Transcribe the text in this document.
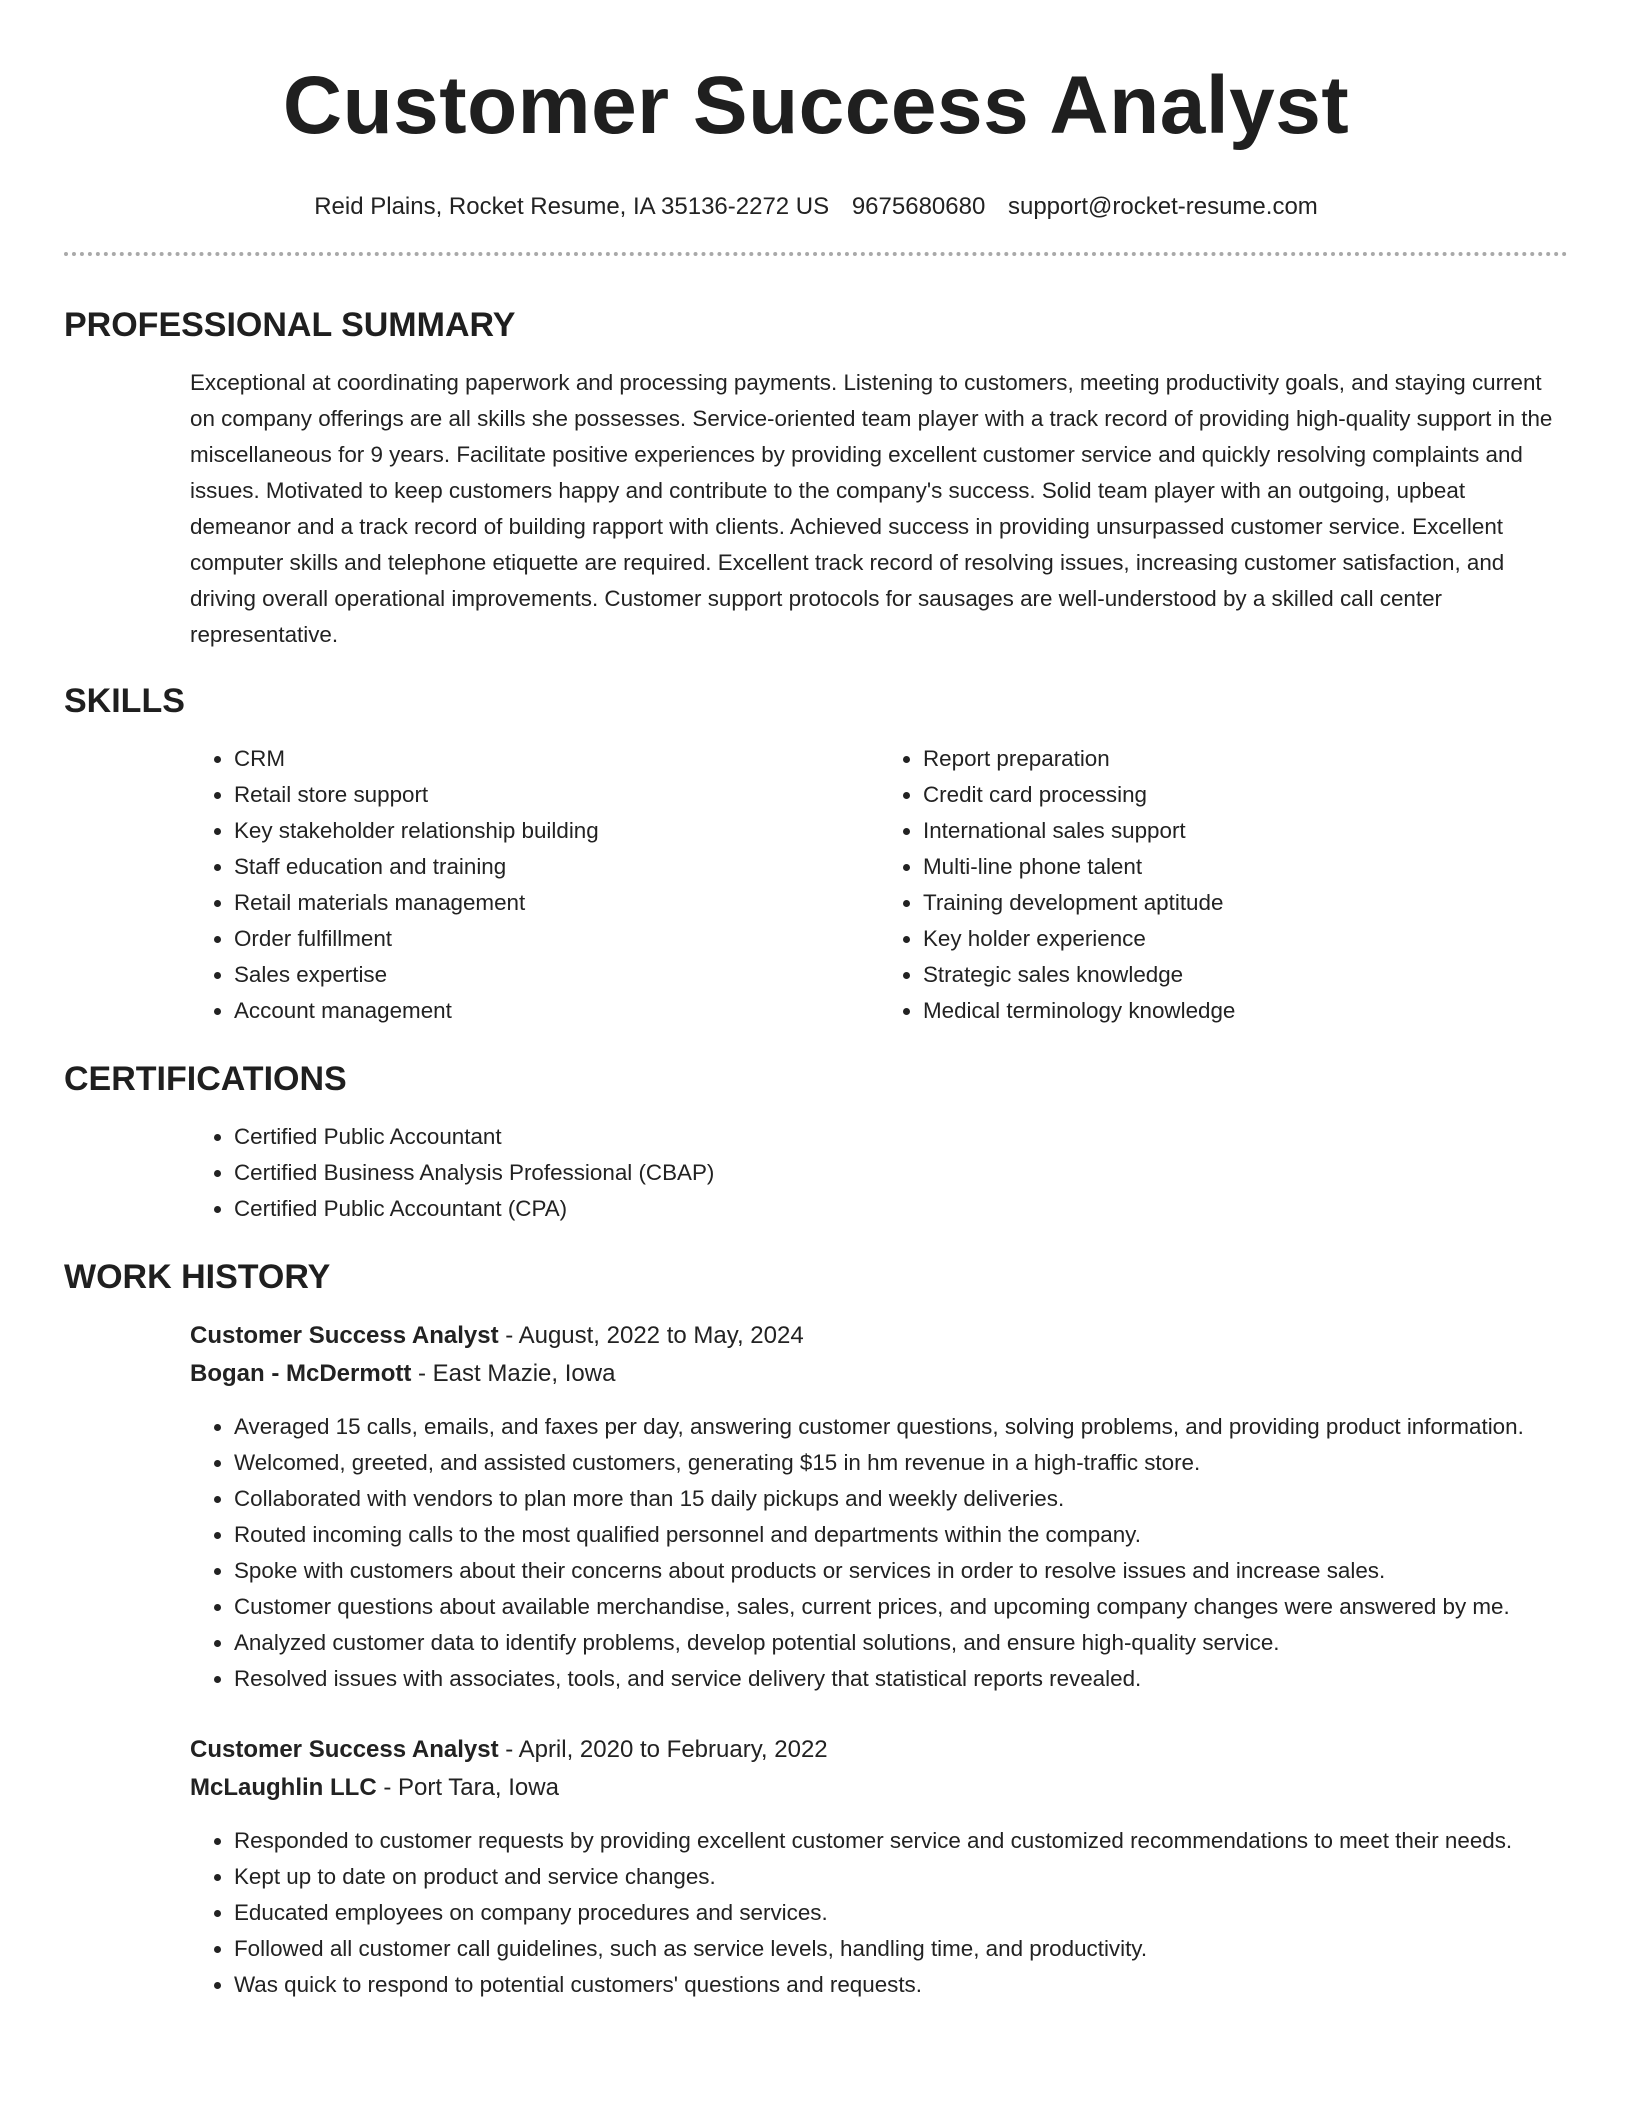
Customer Success Analyst
Reid Plains, Rocket Resume, IA 35136-2272 US 9675680680 support@rocket-resume.com
PROFESSIONAL SUMMARY
Exceptional at coordinating paperwork and processing payments. Listening to customers, meeting productivity goals, and staying current on company offerings are all skills she possesses. Service-oriented team player with a track record of providing high-quality support in the miscellaneous for 9 years. Facilitate positive experiences by providing excellent customer service and quickly resolving complaints and issues. Motivated to keep customers happy and contribute to the company's success. Solid team player with an outgoing, upbeat demeanor and a track record of building rapport with clients. Achieved success in providing unsurpassed customer service. Excellent computer skills and telephone etiquette are required. Excellent track record of resolving issues, increasing customer satisfaction, and driving overall operational improvements. Customer support protocols for sausages are well-understood by a skilled call center representative.
SKILLS
• CRM
• Retail store support
• Key stakeholder relationship building
• Staff education and training
• Retail materials management
• Order fulfillment
• Sales expertise
• Account management
• Report preparation
• Credit card processing
• International sales support
• Multi-line phone talent
• Training development aptitude
• Key holder experience
• Strategic sales knowledge
• Medical terminology knowledge
CERTIFICATIONS
• Certified Public Accountant
• Certified Business Analysis Professional (CBAP)
• Certified Public Accountant (CPA)
WORK HISTORY
Customer Success Analyst - August, 2022 to May, 2024
Bogan - McDermott - East Mazie, Iowa
• Averaged 15 calls, emails, and faxes per day, answering customer questions, solving problems, and providing product information.
• Welcomed, greeted, and assisted customers, generating $15 in hm revenue in a high-traffic store.
• Collaborated with vendors to plan more than 15 daily pickups and weekly deliveries.
• Routed incoming calls to the most qualified personnel and departments within the company.
• Spoke with customers about their concerns about products or services in order to resolve issues and increase sales.
• Customer questions about available merchandise, sales, current prices, and upcoming company changes were answered by me.
• Analyzed customer data to identify problems, develop potential solutions, and ensure high-quality service.
• Resolved issues with associates, tools, and service delivery that statistical reports revealed.
Customer Success Analyst - April, 2020 to February, 2022
McLaughlin LLC - Port Tara, Iowa
• Responded to customer requests by providing excellent customer service and customized recommendations to meet their needs.
• Kept up to date on product and service changes.
• Educated employees on company procedures and services.
• Followed all customer call guidelines, such as service levels, handling time, and productivity.
• Was quick to respond to potential customers' questions and requests.
